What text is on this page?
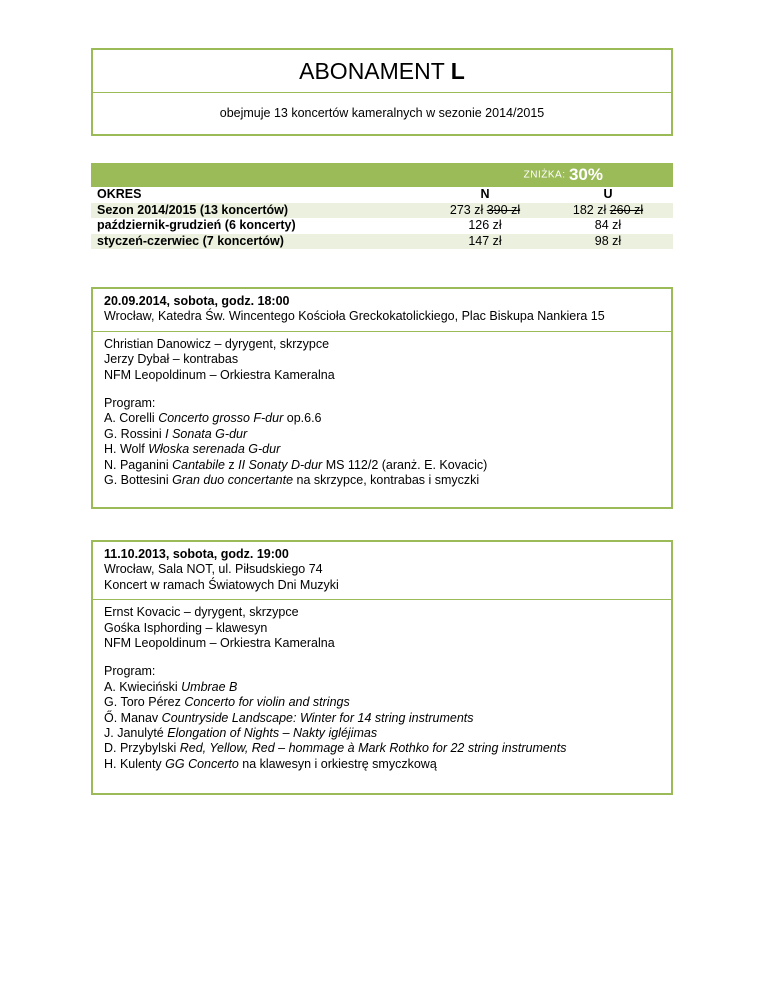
ABONAMENT L
obejmuje 13 koncertów kameralnych w sezonie 2014/2015
ZNIŻKA: 30%
OKRES	N	U
Sezon 2014/2015 (13 koncertów)	273 zł 390 zł	182 zł 260 zł
październik-grudzień (6 koncerty)	126 zł	84 zł
styczeń-czerwiec (7 koncertów)	147 zł	98 zł
20.09.2014, sobota, godz. 18:00
Wrocław, Katedra Św. Wincentego Kościoła Greckokatolickiego, Plac Biskupa Nankiera 15
Christian Danowicz – dyrygent, skrzypce
Jerzy Dybał – kontrabas
NFM Leopoldinum – Orkiestra Kameralna
Program:
A. Corelli Concerto grosso F-dur op.6.6
G. Rossini I Sonata G-dur
H. Wolf Włoska serenada G-dur
N. Paganini Cantabile z II Sonaty D-dur MS 112/2 (aranż. E. Kovacic)
G. Bottesini Gran duo concertante na skrzypce, kontrabas i smyczki
11.10.2013, sobota, godz. 19:00
Wrocław, Sala NOT, ul. Piłsudskiego 74
Koncert w ramach Światowych Dni Muzyki
Ernst Kovacic – dyrygent, skrzypce
Gośka Isphording – klawesyn
NFM Leopoldinum – Orkiestra Kameralna
Program:
A. Kwieciński Umbrae B
G. Toro Pérez Concerto for violin and strings
Ő. Manav Countryside Landscape: Winter for 14 string instruments
J. Janulyté Elongation of Nights – Nakty igléjimas
D. Przybylski Red, Yellow, Red – hommage à Mark Rothko for 22 string instruments
H. Kulenty GG Concerto na klawesyn i orkiestrę smyczkową
